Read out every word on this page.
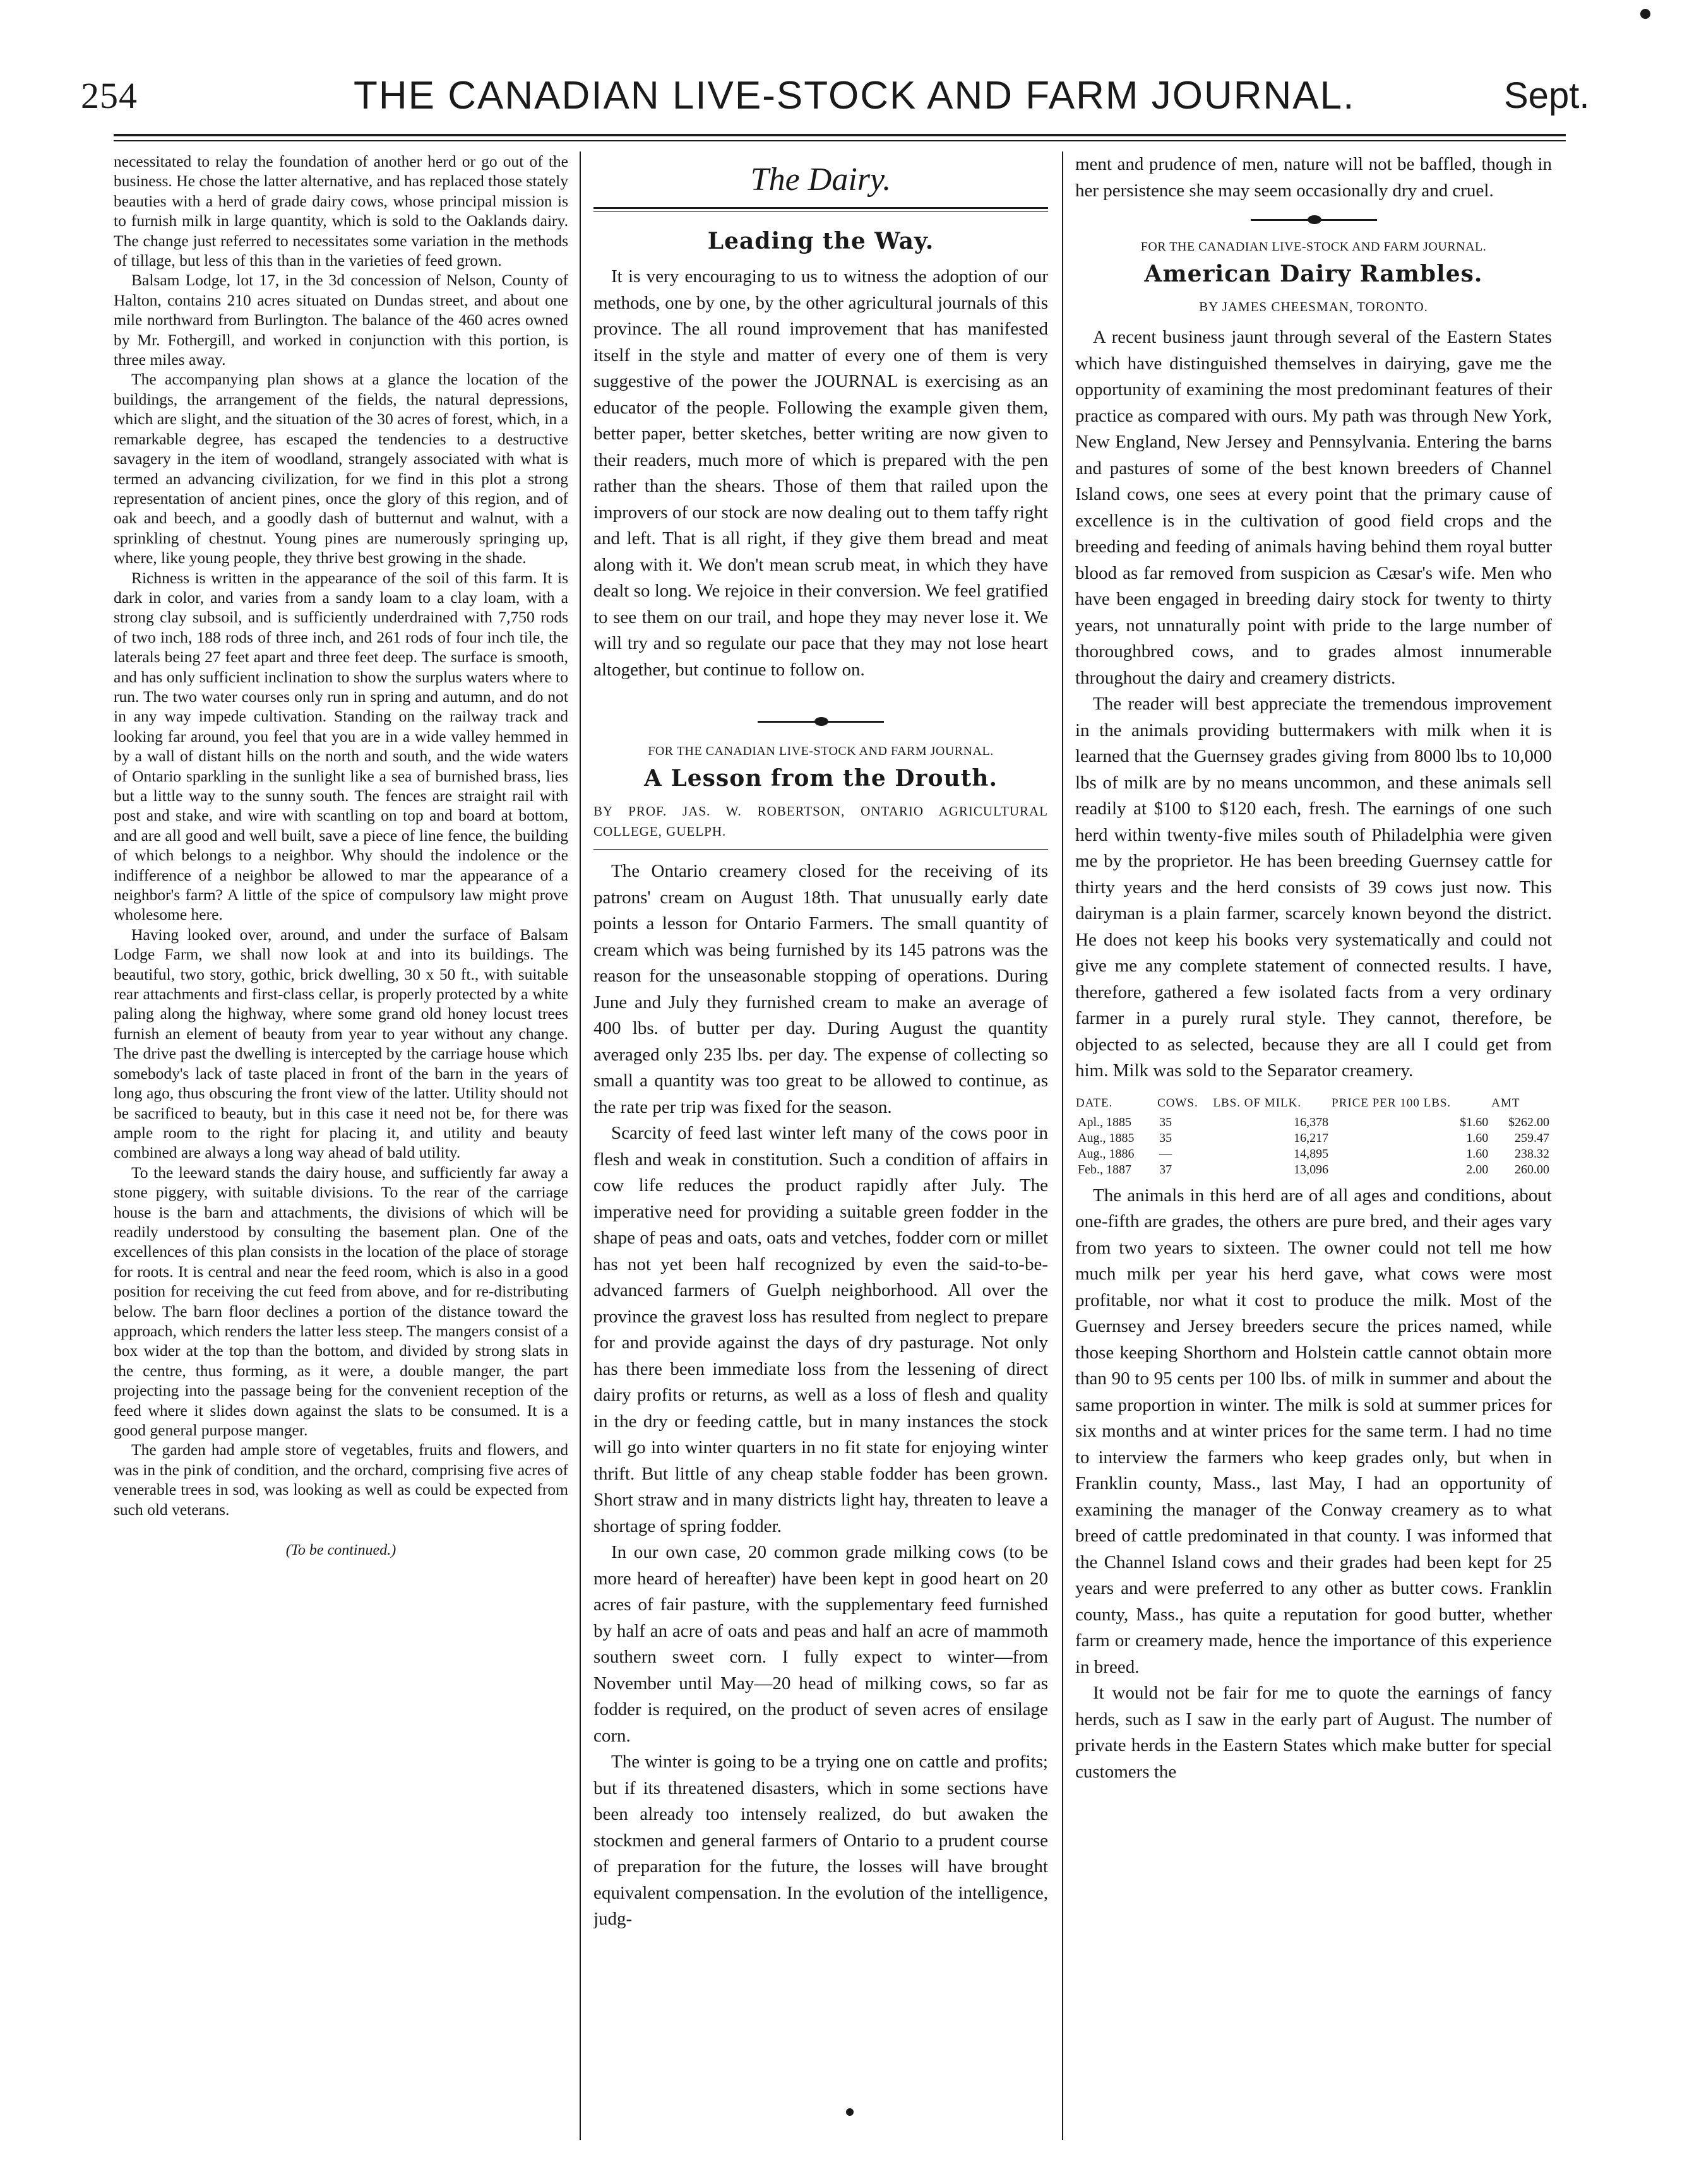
254	THE CANADIAN LIVE-STOCK AND FARM JOURNAL.	Sept.

necessitated to relay the foundation of another herd or go out of the business. He chose the latter alternative, and has replaced those stately beauties with a herd of grade dairy cows, whose principal mission is to furnish milk in large quantity, which is sold to the Oaklands dairy. The change just referred to necessitates some variation in the methods of tillage, but less of this than in the varieties of feed grown.

Balsam Lodge, lot 17, in the 3d concession of Nelson, County of Halton, contains 210 acres situated on Dundas street, and about one mile northward from Burlington. The balance of the 460 acres owned by Mr. Fothergill, and worked in conjunction with this portion, is three miles away.

The accompanying plan shows at a glance the location of the buildings, the arrangement of the fields, the natural depressions, which are slight, and the situation of the 30 acres of forest, which, in a remarkable degree, has escaped the tendencies to a destructive savagery in the item of woodland, strangely associated with what is termed an advancing civilization, for we find in this plot a strong representation of ancient pines, once the glory of this region, and of oak and beech, and a goodly dash of butternut and walnut, with a sprinkling of chestnut. Young pines are numerously springing up, where, like young people, they thrive best growing in the shade.

Richness is written in the appearance of the soil of this farm. It is dark in color, and varies from a sandy loam to a clay loam, with a strong clay subsoil, and is sufficiently underdrained with 7,750 rods of two inch, 188 rods of three inch, and 261 rods of four inch tile, the laterals being 27 feet apart and three feet deep. The surface is smooth, and has only sufficient inclination to show the surplus waters where to run. The two water courses only run in spring and autumn, and do not in any way impede cultivation. Standing on the railway track and looking far around, you feel that you are in a wide valley hemmed in by a wall of distant hills on the north and south, and the wide waters of Ontario sparkling in the sunlight like a sea of burnished brass, lies but a little way to the sunny south. The fences are straight rail with post and stake, and wire with scantling on top and board at bottom, and are all good and well built, save a piece of line fence, the building of which belongs to a neighbor. Why should the indolence or the indifference of a neighbor be allowed to mar the appearance of a neighbor's farm? A little of the spice of compulsory law might prove wholesome here.

Having looked over, around, and under the surface of Balsam Lodge Farm, we shall now look at and into its buildings. The beautiful, two story, gothic, brick dwelling, 30 x 50 ft., with suitable rear attachments and first-class cellar, is properly protected by a white paling along the highway, where some grand old honey locust trees furnish an element of beauty from year to year without any change. The drive past the dwelling is intercepted by the carriage house which somebody's lack of taste placed in front of the barn in the years of long ago, thus obscuring the front view of the latter. Utility should not be sacrificed to beauty, but in this case it need not be, for there was ample room to the right for placing it, and utility and beauty combined are always a long way ahead of bald utility.

To the leeward stands the dairy house, and sufficiently far away a stone piggery, with suitable divisions. To the rear of the carriage house is the barn and attachments, the divisions of which will be readily understood by consulting the basement plan. One of the excellences of this plan consists in the location of the place of storage for roots. It is central and near the feed room, which is also in a good position for receiving the cut feed from above, and for re-distributing below. The barn floor declines a portion of the distance toward the approach, which renders the latter less steep. The mangers consist of a box wider at the top than the bottom, and divided by strong slats in the centre, thus forming, as it were, a double manger, the part projecting into the passage being for the convenient reception of the feed where it slides down against the slats to be consumed. It is a good general purpose manger.

The garden had ample store of vegetables, fruits and flowers, and was in the pink of condition, and the orchard, comprising five acres of venerable trees in sod, was looking as well as could be expected from such old veterans.

(To be continued.)
The Dairy.
Leading the Way.

It is very encouraging to us to witness the adoption of our methods, one by one, by the other agricultural journals of this province. The all round improvement that has manifested itself in the style and matter of every one of them is very suggestive of the power the JOURNAL is exercising as an educator of the people. Following the example given them, better paper, better sketches, better writing are now given to their readers, much more of which is prepared with the pen rather than the shears. Those of them that railed upon the improvers of our stock are now dealing out to them taffy right and left. That is all right, if they give them bread and meat along with it. We don't mean scrub meat, in which they have dealt so long. We rejoice in their conversion. We feel gratified to see them on our trail, and hope they may never lose it. We will try and so regulate our pace that they may not lose heart altogether, but continue to follow on.

FOR THE CANADIAN LIVE-STOCK AND FARM JOURNAL.
A Lesson from the Drouth.

BY PROF. JAS. W. ROBERTSON, ONTARIO AGRICULTURAL COLLEGE, GUELPH.

The Ontario creamery closed for the receiving of its patrons' cream on August 18th. That unusually early date points a lesson for Ontario Farmers. The small quantity of cream which was being furnished by its 145 patrons was the reason for the unseasonable stopping of operations. During June and July they furnished cream to make an average of 400 lbs. of butter per day. During August the quantity averaged only 235 lbs. per day. The expense of collecting so small a quantity was too great to be allowed to continue, as the rate per trip was fixed for the season.

Scarcity of feed last winter left many of the cows poor in flesh and weak in constitution. Such a condition of affairs in cow life reduces the product rapidly after July. The imperative need for providing a suitable green fodder in the shape of peas and oats, oats and vetches, fodder corn or millet has not yet been half recognized by even the said-to-be-advanced farmers of Guelph neighborhood. All over the province the gravest loss has resulted from neglect to prepare for and provide against the days of dry pasturage. Not only has there been immediate loss from the lessening of direct dairy profits or returns, as well as a loss of flesh and quality in the dry or feeding cattle, but in many instances the stock will go into winter quarters in no fit state for enjoying winter thrift. But little of any cheap stable fodder has been grown. Short straw and in many districts light hay, threaten to leave a shortage of spring fodder.

In our own case, 20 common grade milking cows (to be more heard of hereafter) have been kept in good heart on 20 acres of fair pasture, with the supplementary feed furnished by half an acre of oats and peas and half an acre of mammoth southern sweet corn. I fully expect to winter—from November until May—20 head of milking cows, so far as fodder is required, on the product of seven acres of ensilage corn.

The winter is going to be a trying one on cattle and profits; but if its threatened disasters, which in some sections have been already too intensely realized, do but awaken the stockmen and general farmers of Ontario to a prudent course of preparation for the future, the losses will have brought equivalent compensation. In the evolution of the intelligence, judg-

ment and prudence of men, nature will not be baffled, though in her persistence she may seem occasionally dry and cruel.

FOR THE CANADIAN LIVE-STOCK AND FARM JOURNAL.
American Dairy Rambles.

BY JAMES CHEESMAN, TORONTO.

A recent business jaunt through several of the Eastern States which have distinguished themselves in dairying, gave me the opportunity of examining the most predominant features of their practice as compared with ours. My path was through New York, New England, New Jersey and Pennsylvania. Entering the barns and pastures of some of the best known breeders of Channel Island cows, one sees at every point that the primary cause of excellence is in the cultivation of good field crops and the breeding and feeding of animals having behind them royal butter blood as far removed from suspicion as Cæsar's wife. Men who have been engaged in breeding dairy stock for twenty to thirty years, not unnaturally point with pride to the large number of thoroughbred cows, and to grades almost innumerable throughout the dairy and creamery districts.

The reader will best appreciate the tremendous improvement in the animals providing buttermakers with milk when it is learned that the Guernsey grades giving from 8000 lbs to 10,000 lbs of milk are by no means uncommon, and these animals sell readily at $100 to $120 each, fresh. The earnings of one such herd within twenty-five miles south of Philadelphia were given me by the proprietor. He has been breeding Guernsey cattle for thirty years and the herd consists of 39 cows just now. This dairyman is a plain farmer, scarcely known beyond the district. He does not keep his books very systematically and could not give me any complete statement of connected results. I have, therefore, gathered a few isolated facts from a very ordinary farmer in a purely rural style. They cannot, therefore, be objected to as selected, because they are all I could get from him. Milk was sold to the Separator creamery.

DATE.	COWS.	LBS. OF MILK.	PRICE PER 100 LBS.	AMT
Apl., 1885	35	16,378	$1.60	$262.00
Aug., 1885	35	16,217	1.60	259.47
Aug., 1886	—	14,895	1.60	238.32
Feb., 1887	37	13,096	2.00	260.00

The animals in this herd are of all ages and conditions, about one-fifth are grades, the others are pure bred, and their ages vary from two years to sixteen. The owner could not tell me how much milk per year his herd gave, what cows were most profitable, nor what it cost to produce the milk. Most of the Guernsey and Jersey breeders secure the prices named, while those keeping Shorthorn and Holstein cattle cannot obtain more than 90 to 95 cents per 100 lbs. of milk in summer and about the same proportion in winter. The milk is sold at summer prices for six months and at winter prices for the same term. I had no time to interview the farmers who keep grades only, but when in Franklin county, Mass., last May, I had an opportunity of examining the manager of the Conway creamery as to what breed of cattle predominated in that county. I was informed that the Channel Island cows and their grades had been kept for 25 years and were preferred to any other as butter cows. Franklin county, Mass., has quite a reputation for good butter, whether farm or creamery made, hence the importance of this experience in breed.

It would not be fair for me to quote the earnings of fancy herds, such as I saw in the early part of August. The number of private herds in the Eastern States which make butter for special customers the
